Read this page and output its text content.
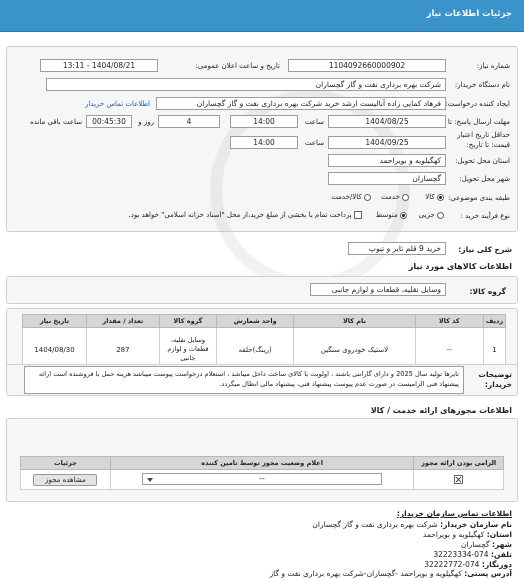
جزئیات اطلاعات نیاز
شماره نیاز:
1104092660000902
تاریخ و ساعت اعلان عمومی:
1404/08/21 - 13:11
نام دستگاه خریدار:
شرکت بهره برداری نفت و گاز گچساران
ایجاد کننده درخواست:
فرهاد کمایی زاده آنالیست ارشد خرید شرکت بهره برداری نفت و گاز گچساران
اطلاعات تماس خریدار
مهلت ارسال پاسخ: تا
1404/08/25
ساعت
14:00
4
روز و
00:45:30
ساعت باقی مانده
حداقل تاریخ اعتبار
قیمت: تا تاریخ:
1404/09/25
ساعت
14:00
استان محل تحویل:
کهگیلویه و بویراحمد
شهر محل تحویل:
گچساران
طبقه بندی موضوعی:
کالا
خدمت
کالا/خدمت
نوع فرآیند خرید :
جزیی
متوسط
پرداخت تمام یا بخشی از مبلغ خرید،از محل "اسناد خزانه اسلامی" خواهد بود.
شرح کلی نیاز:
خرید 9 قلم تایر و تیوپ
اطلاعات کالاهای مورد نیاز
گروه کالا:
وسایل نقلیه، قطعات و لوازم جانبی
ردیف	کد کالا	نام کالا	واحد شمارش	گروه کالا	تعداد / مقدار	تاریخ نیاز
1	--	لاستیک خودروی سنگین	(رینگ)حلقه	وسایل نقلیه، قطعات و لوازم جانبی	287	1404/08/30
توضیحات خریدار:
تایرها تولید سال 2025 و دارای گارانتی باشند ، اولویت با کالای ساخت داخل میباشد ، استعلام درخواست پیوست میباشد هزینه حمل با فروشنده است ارائه پیشنهاد فنی الزامیست در صورت عدم پیوست پیشنهاد فنی، پیشنهاد مالی ابطال میگردد.
اطلاعات مجوزهای ارائه خدمت / کالا
الزامی بودن ارائه مجوز	اعلام وضعیت مجوز توسط تامین کننده	جزئیات

	--	مشاهده مجوز
اطلاعات تماس سازمان خریدار:
نام سازمان خریدار: شرکت بهره برداری نفت و گاز گچساران
استان: کهگیلویه و بویراحمد
شهر: گچساران
تلفن: 074-32223334
دورنگار: 074-32222772
آدرس پستی: کهگیلویه و بویراحمد -گچساران-شرکت بهره برداری نفت و گاز
